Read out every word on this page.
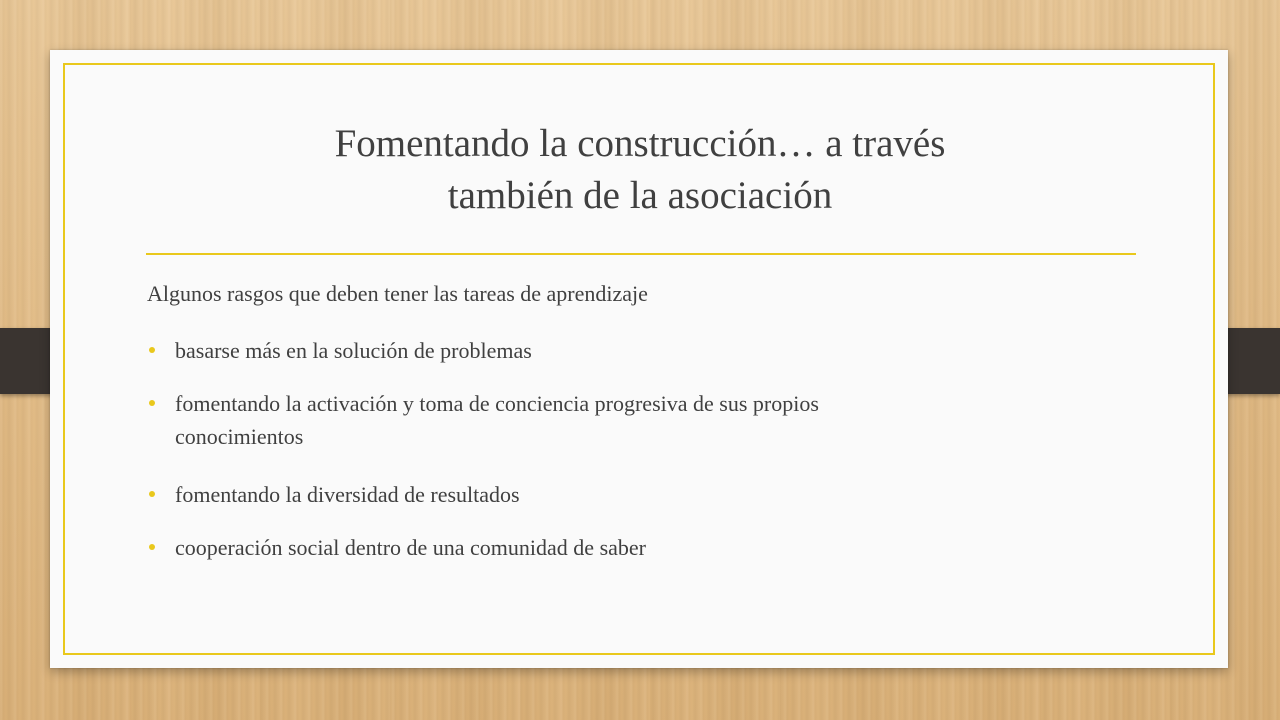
Fomentando la construcción… a través
también de la asociación
Algunos rasgos que deben tener las tareas de aprendizaje
basarse más en la solución de problemas
fomentando la activación y toma de conciencia progresiva de sus propios
conocimientos
fomentando la diversidad de resultados
cooperación social dentro de una comunidad de saber
